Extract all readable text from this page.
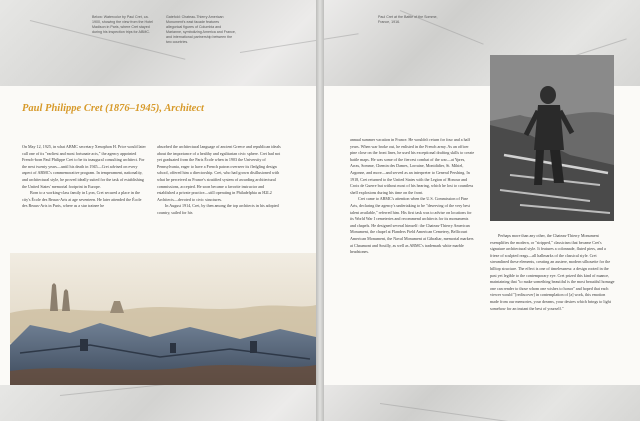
Below: Watercolor by Paul Cret, ca. 1900, showing the view from the Hotel Madison in Paris, where Cret stayed during his inspection trips for ABMC.
Gatefold: Chateau-Thierry American Monument's east facade features allegorical figures of Columbia and Marianne, symbolizing America and France, and international partnership between the two countries.
Paul Cret at the Battle of the Somme, France, 1916.
Paul Philippe Cret (1876–1945), Architect

On May 12, 1925, in what ABMC secretary Xenophon H. Price would later call one of its "earliest and most fortunate acts," the agency appointed French-born Paul Philippe Cret to be its inaugural consulting architect. For the next twenty years—until his death in 1945—Cret advised on every aspect of ABMC's commemorative program. In temperament, nationality, and architectural style, he proved ideally suited for the task of establishing the United States' memorial footprint in Europe.

Born to a working-class family in Lyon, Cret secured a place in the city's École des Beaux-Arts at age seventeen. He later attended the École des Beaux-Arts in Paris, where as a star trainee he

absorbed the architectural language of ancient Greece and republican ideals about the importance of a healthy and egalitarian civic sphere. Cret had not yet graduated from the Paris École when in 1903 the University of Pennsylvania, eager to have a French patron overseer its fledgling design school, offered him a directorship. Cret, who had grown disillusioned with what he perceived as France's stratified system of awarding architectural commissions, accepted. He soon became a favorite instructor and established a private practice—still operating in Philadelphia as H2L2 Architects—devoted to civic structures.

In August 1914, Cret, by then among the top architects in his adopted country, sailed for his

annual summer vacation in France. He wouldn't return for four and a half years. When war broke out, he enlisted in the French army. As an officer pine close on the front lines, he used his exceptional drafting skills to create battle maps. He was some of the fiercest combat of the war—at Ypres, Arras, Somme, Chemin des Dames, Lorraine, Montdidier, St. Mihiel, Argonne, and more—and served as an interpreter to General Pershing. In 1918, Cret returned to the United States with the Legion of Honour and Croix de Guerre but without most of his hearing, which he lost to countless shell explosions during his time on the front.

Cret came to ABMC's attention when the U.S. Commission of Fine Arts, declaring the agency's undertaking to be "deserving of the very best talent available," referred him. His first task was to advise on locations for its World War I cemeteries and recommend architects for its monuments and chapels. He designed several himself: the Chateau-Thierry American Monument, the chapel at Flanders Field American Cemetery, Bellicourt American Monument, the Naval Monument at Gibraltar, memorial markers at Chaumont and Souilly, as well as ABMC's trademark white marble headstones.

Perhaps more than any other, the Chateau-Thierry Monument exemplifies the modern, or "stripped," classicism that became Cret's signature architectural style. It features a colonnade, fluted piers, and a frieze of sculpted reags—all hallmarks of the classical style. Cret streamlined these elements, creating an austere, modern silhouette for the hilltop structure. The effect is one of timelessness: a design rooted in the past yet legible to the contemporary eye. Cret prized this kind of nuance, maintaining that "to make something beautiful is the most beautiful homage one can render to those whom one wishes to honor" and hoped that each viewer would "[rediscover] in contemplation of [a] work, this emotion made from our memories, your dreams, your desires which brings to light somehow for an instant the best of yourself."
